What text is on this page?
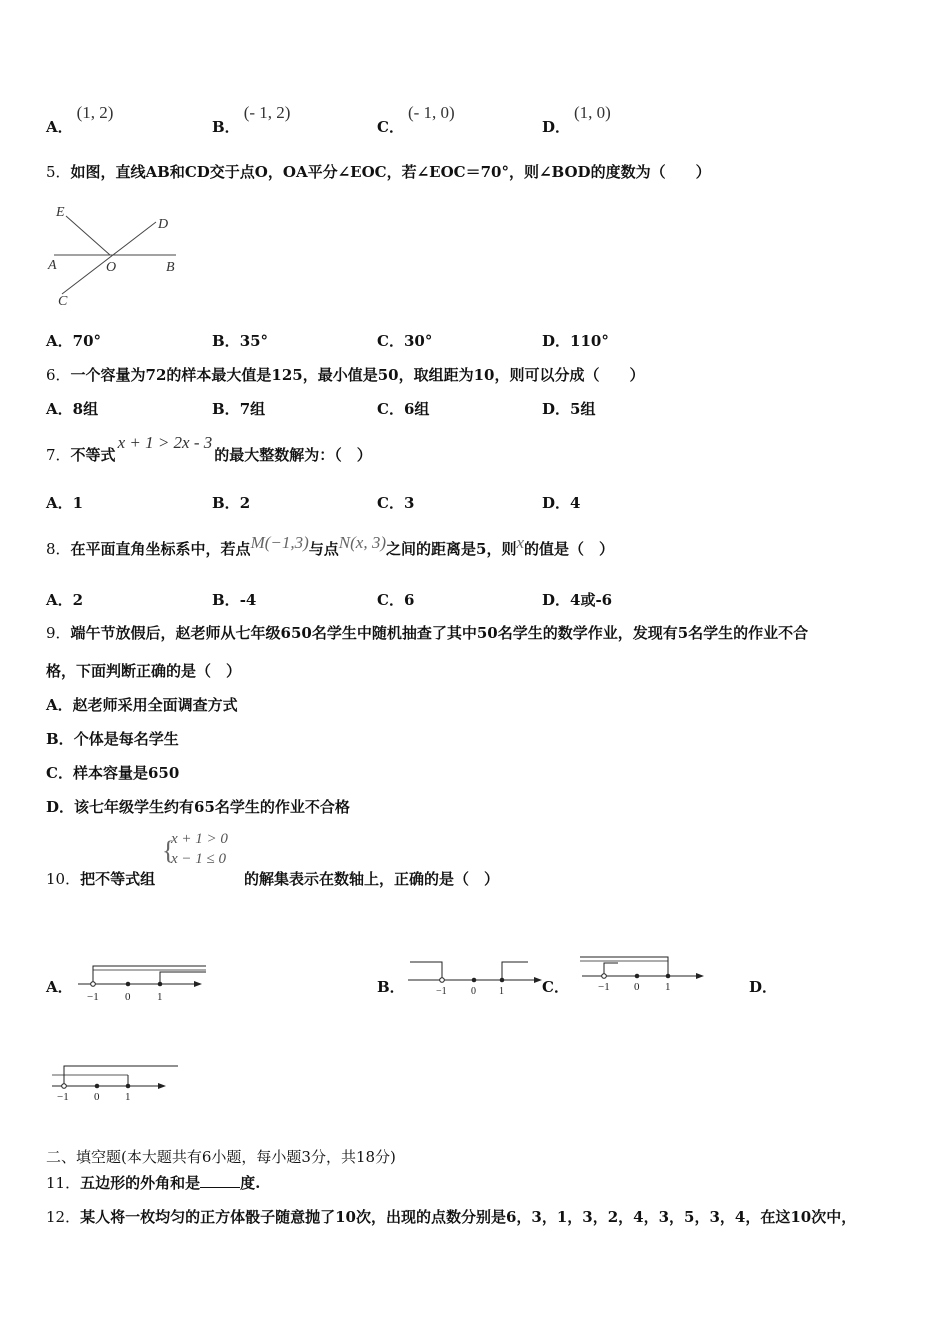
A．(1, 2)
B．(- 1, 2)
C．(- 1, 0)
D．(1, 0)
5．如图，直线AB和CD交于点O，OA平分∠EOC，若∠EOC＝70°，则∠BOD的度数为（　　）
E
D
A	O	B
C
A．70°	B．35°	C．30°	D．110°
6．一个容量为72的样本最大值是125，最小值是50，取组距为10，则可以分成（　　）
A．8组	B．7组	C．6组	D．5组
7．不等式x + 1 > 2x - 3的最大整数解为：（　）
A．1	B．2	C．3	D．4
8．在平面直角坐标系中，若点M(−1,3)与点N(x, 3)之间的距离是5，则x的值是（　）
A．2	B．-4	C．6	D．4或-6
9．端午节放假后，赵老师从七年级650名学生中随机抽查了其中50名学生的数学作业，发现有5名学生的作业不合
格，下面判断正确的是（　）
A．赵老师采用全面调查方式
B．个体是每名学生
C．样本容量是650
D．该七年级学生约有65名学生的作业不合格
10．把不等式组
{
x + 1 > 0
x − 1 ≤ 0
的解集表示在数轴上，正确的是（　）
A．
−1 0 1
B．	−1 0 1	C．	−1 0 1	D．
−1 0 1
二、填空题(本大题共有6小题，每小题3分，共18分)
11．五边形的外角和是	度.
12．某人将一枚均匀的正方体骰子随意抛了10次，出现的点数分别是6，3，1，3，2，4，3，5，3，4，在这10次中，
